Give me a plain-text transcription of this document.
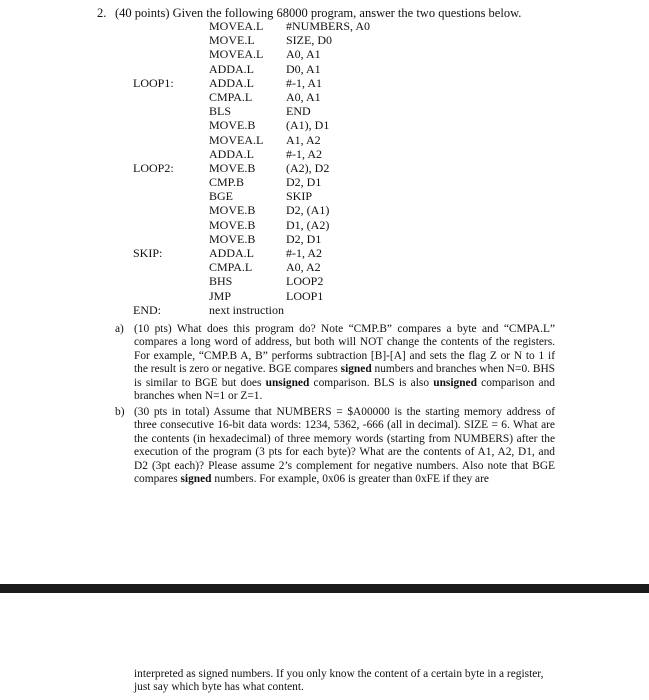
2. (40 points) Given the following 68000 program, answer the two questions below.
MOVEA.L #NUMBERS, A0
MOVE.L	SIZE, D0
MOVEA.L A0, A1
ADDA.L	D0, A1
LOOP1:	ADDA.L	#-1, A1
CMPA.L	A0, A1
BLS	END
MOVE.B	(A1), D1
MOVEA.L A1, A2
ADDA.L	#-1, A2
LOOP2:	MOVE.B	(A2), D2
CMP.B	D2, D1
BGE	SKIP
MOVE.B	D2, (A1)
MOVE.B	D1, (A2)
MOVE.B	D2, D1
SKIP:	ADDA.L	#-1, A2
CMPA.L	A0, A2
BHS	LOOP2
JMP	LOOP1
END:	next instruction
a) (10 pts) What does this program do? Note “CMP.B” compares a byte and “CMPA.L” compares a long word of address, but both will NOT change the contents of the registers. For example, “CMP.B A, B” performs subtraction [B]-[A] and sets the flag Z or N to 1 if the result is zero or negative. BGE compares signed numbers and branches when N=0. BHS is similar to BGE but does unsigned comparison. BLS is also unsigned comparison and branches when N=1 or Z=1.
b) (30 pts in total) Assume that NUMBERS = $A00000 is the starting memory address of three consecutive 16-bit data words: 1234, 5362, -666 (all in decimal). SIZE = 6. What are the contents (in hexadecimal) of three memory words (starting from NUMBERS) after the execution of the program (3 pts for each byte)? What are the contents of A1, A2, D1, and D2 (3pt each)? Please assume 2’s complement for negative numbers. Also note that BGE compares signed numbers. For example, 0x06 is greater than 0xFE if they are
interpreted as signed numbers. If you only know the content of a certain byte in a register, just say which byte has what content.
